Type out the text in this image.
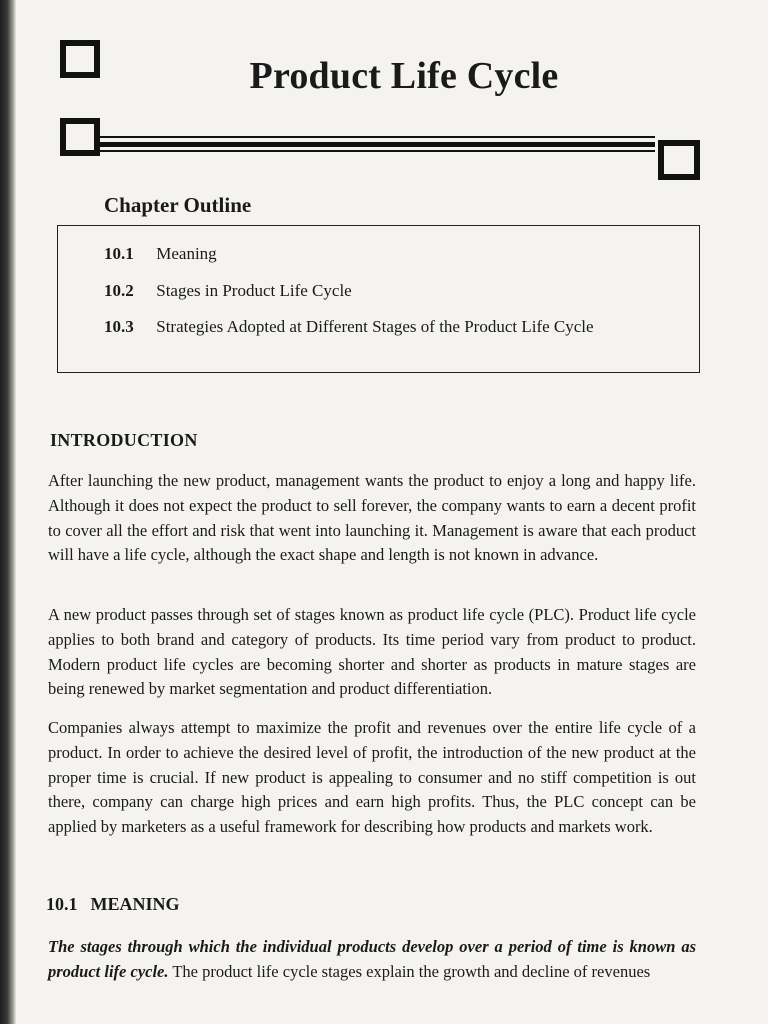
Product Life Cycle
Chapter Outline
10.1 Meaning
10.2 Stages in Product Life Cycle
10.3 Strategies Adopted at Different Stages of the Product Life Cycle
INTRODUCTION
After launching the new product, management wants the product to enjoy a long and happy life. Although it does not expect the product to sell forever, the company wants to earn a decent profit to cover all the effort and risk that went into launching it. Management is aware that each product will have a life cycle, although the exact shape and length is not known in advance.
A new product passes through set of stages known as product life cycle (PLC). Product life cycle applies to both brand and category of products. Its time period vary from product to product. Modern product life cycles are becoming shorter and shorter as products in mature stages are being renewed by market segmentation and product differentiation.
Companies always attempt to maximize the profit and revenues over the entire life cycle of a product. In order to achieve the desired level of profit, the introduction of the new product at the proper time is crucial. If new product is appealing to consumer and no stiff competition is out there, company can charge high prices and earn high profits. Thus, the PLC concept can be applied by marketers as a useful framework for describing how products and markets work.
10.1 MEANING
The stages through which the individual products develop over a period of time is known as product life cycle. The product life cycle stages explain the growth and decline of revenues
